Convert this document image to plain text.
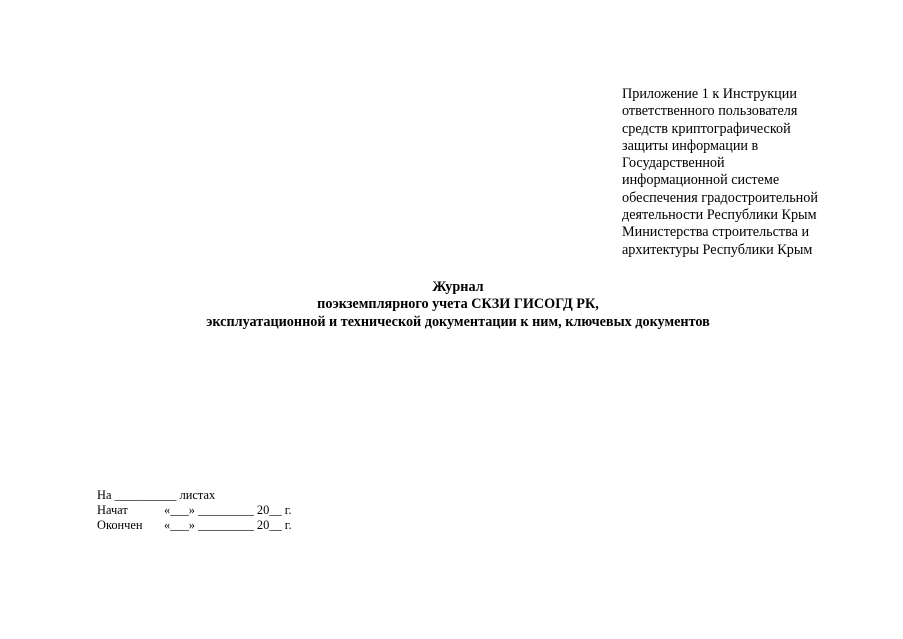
Приложение 1 к Инструкции
ответственного пользователя
средств криптографической
защиты информации в
Государственной
информационной системе
обеспечения градостроительной
деятельности Республики Крым
Министерства строительства и
архитектуры Республики Крым
Журнал
поэкземплярного учета СКЗИ ГИСОГД РК,
эксплуатационной и технической документации к ним, ключевых документов
На __________ листах
Начат	«___» _________ 20__ г.
Окончен «___» _________ 20__ г.
